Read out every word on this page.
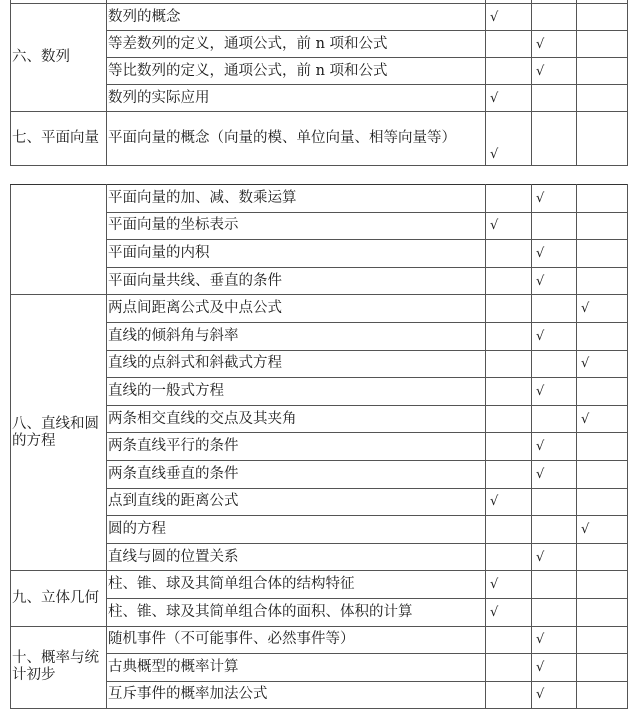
六、数列	数列的概念	√		
	等差数列的定义，通项公式，前 n 项和公式		√	
	等比数列的定义，通项公式，前 n 项和公式		√	
	数列的实际应用	√		
七、平面向量	平面向量的概念（向量的模、单位向量、相等向量等）	√		
	平面向量的加、减、数乘运算		√	
	平面向量的坐标表示	√		
	平面向量的内积		√	
	平面向量共线、垂直的条件		√	
八、直线和圆的方程	两点间距离公式及中点公式			√
	直线的倾斜角与斜率		√	
	直线的点斜式和斜截式方程			√
	直线的一般式方程		√	
	两条相交直线的交点及其夹角			√
	两条直线平行的条件		√	
	两条直线垂直的条件		√	
	点到直线的距离公式	√		
	圆的方程			√
	直线与圆的位置关系		√	
九、立体几何	柱、锥、球及其简单组合体的结构特征	√		
	柱、锥、球及其简单组合体的面积、体积的计算	√		
十、概率与统计初步	随机事件（不可能事件、必然事件等）		√	
	古典概型的概率计算		√	
	互斥事件的概率加法公式		√	
